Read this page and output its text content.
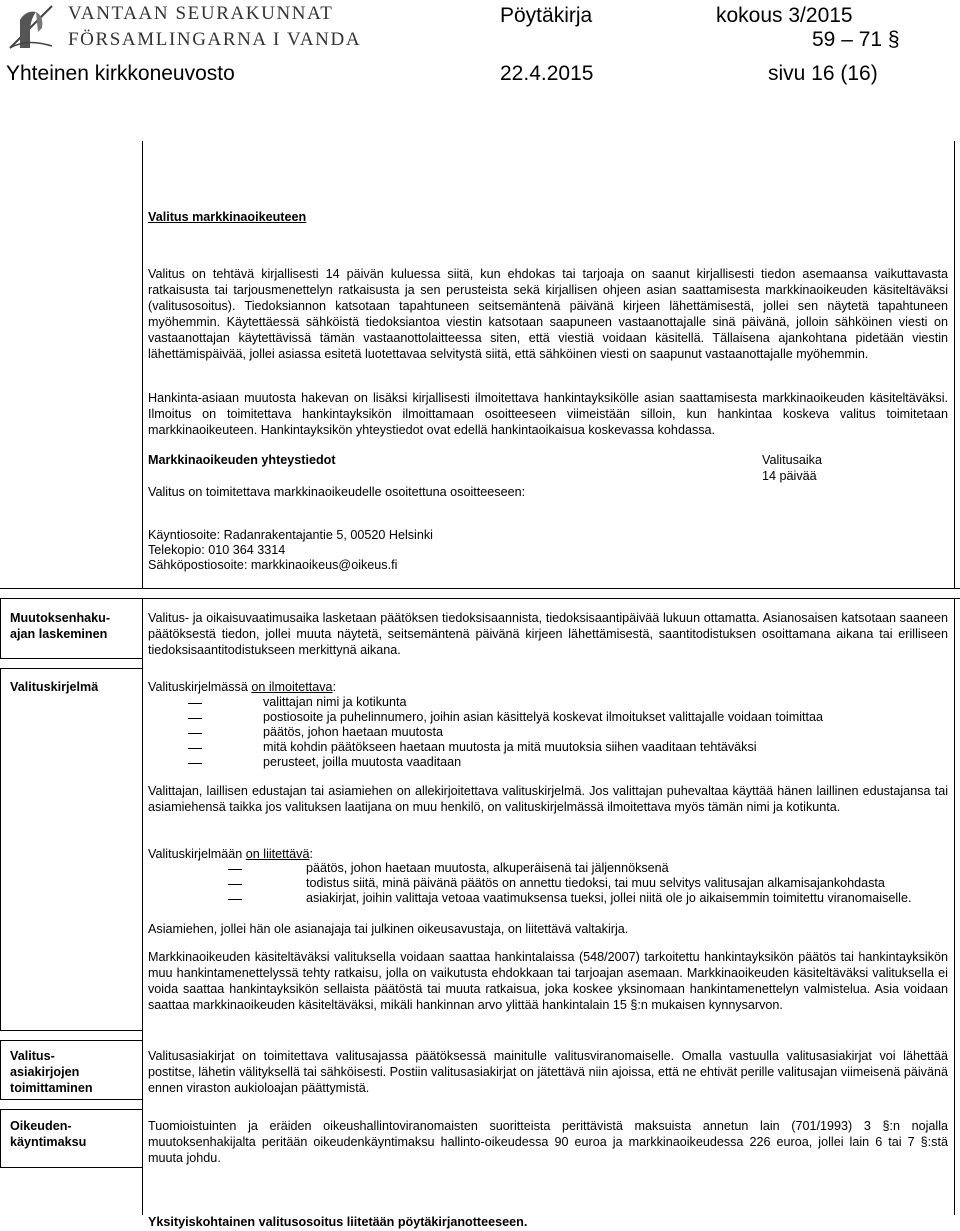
VANTAAN SEURAKUNNAT
FÖRSAMLINGARNA I VANDA
Pöytäkirja	kokous 3/2015
59 – 71 §
Yhteinen kirkkoneuvosto	22.4.2015	sivu 16 (16)
Valitus markkinaoikeuteen
Valitus on tehtävä kirjallisesti 14 päivän kuluessa siitä, kun ehdokas tai tarjoaja on saanut kirjallisesti tiedon asemaansa vaikuttavasta ratkaisusta tai tarjousmenettelyn ratkaisusta ja sen perusteista sekä kirjallisen ohjeen asian saattamisesta markkinaoikeuden käsiteltäväksi (valitusosoitus). Tiedoksiannon katsotaan tapahtuneen seitsemäntenä päivänä kirjeen lähettämisestä, jollei sen näytetä tapahtuneen myöhemmin. Käytettäessä sähköistä tiedoksiantoa viestin katsotaan saapuneen vastaanottajalle sinä päivänä, jolloin sähköinen viesti on vastaanottajan käytettävissä tämän vastaanottolaitteessa siten, että viestiä voidaan käsitellä. Tällaisena ajankohtana pidetään viestin lähettämispäivää, jollei asiassa esitetä luotettavaa selvitystä siitä, että sähköinen viesti on saapunut vastaanottajalle myöhemmin.
Hankinta-asiaan muutosta hakevan on lisäksi kirjallisesti ilmoitettava hankintayksikölle asian saattamisesta markkinaoikeuden käsiteltäväksi. Ilmoitus on toimitettava hankintayksikön ilmoittamaan osoitteeseen viimeistään silloin, kun hankintaa koskeva valitus toimitetaan markkinaoikeuteen. Hankintayksikön yhteystiedot ovat edellä hankintaoikaisua koskevassa kohdassa.
Markkinaoikeuden yhteystiedot	Valitusaika
14 päivää
Valitus on toimitettava markkinaoikeudelle osoitettuna osoitteeseen:
Käyntiosoite: Radanrakentajantie 5, 00520 Helsinki
Telekopio: 010 364 3314
Sähköpostiosoite: markkinaoikeus@oikeus.fi
Muutoksenhaku-
ajan laskeminen
Valitus- ja oikaisuvaatimusaika lasketaan päätöksen tiedoksisaannista, tiedoksisaantipäivää lukuun ottamatta. Asianosaisen katsotaan saaneen päätöksestä tiedon, jollei muuta näytetä, seitsemäntenä päivänä kirjeen lähettämisestä, saantitodistuksen osoittamana aikana tai erilliseen tiedoksisaantitodistukseen merkittynä aikana.
Valituskirjelmä	Valituskirjelmässä on ilmoitettava:
valittajan nimi ja kotikunta
postiosoite ja puhelinnumero, joihin asian käsittelyä koskevat ilmoitukset valittajalle voidaan toimittaa
päätös, johon haetaan muutosta
mitä kohdin päätökseen haetaan muutosta ja mitä muutoksia siihen vaaditaan tehtäväksi
perusteet, joilla muutosta vaaditaan
Valittajan, laillisen edustajan tai asiamiehen on allekirjoitettava valituskirjelmä. Jos valittajan puhevaltaa käyttää hänen laillinen edustajansa tai asiamiehensä taikka jos valituksen laatijana on muu henkilö, on valituskirjelmässä ilmoitettava myös tämän nimi ja kotikunta.
Valituskirjelmään on liitettävä:
päätös, johon haetaan muutosta, alkuperäisenä tai jäljennöksenä
todistus siitä, minä päivänä päätös on annettu tiedoksi, tai muu selvitys valitusajan alkamisajankohdasta
asiakirjat, joihin valittaja vetoaa vaatimuksensa tueksi, jollei niitä ole jo aikaisemmin toimitettu viranomaiselle.
Asiamiehen, jollei hän ole asianajaja tai julkinen oikeusavustaja, on liitettävä valtakirja.
Markkinaoikeuden käsiteltäväksi valituksella voidaan saattaa hankintalaissa (548/2007) tarkoitettu hankintayksikön päätös tai hankintayksikön muu hankintamenettelyssä tehty ratkaisu, jolla on vaikutusta ehdokkaan tai tarjoajan asemaan. Markkinaoikeuden käsiteltäväksi valituksella ei voida saattaa hankintayksikön sellaista päätöstä tai muuta ratkaisua, joka koskee yksinomaan hankintamenettelyn valmistelua. Asia voidaan saattaa markkinaoikeuden käsiteltäväksi, mikäli hankinnan arvo ylittää hankintalain 15 §:n mukaisen kynnysarvon.
Valitus-
asiakirjojen
toimittaminen
Valitusasiakirjat on toimitettava valitusajassa päätöksessä mainitulle valitusviranomaiselle. Omalla vastuulla valitusasiakirjat voi lähettää postitse, lähetin välityksellä tai sähköisesti. Postiin valitusasiakirjat on jätettävä niin ajoissa, että ne ehtivät perille valitusajan viimeisenä päivänä ennen viraston aukioloajan päättymistä.
Oikeuden-
käyntimaksu
Tuomioistuinten ja eräiden oikeushallintoviranomaisten suoritteista perittävistä maksuista annetun lain (701/1993) 3 §:n nojalla muutoksenhakijalta peritään oikeudenkäyntimaksu hallinto-oikeudessa 90 euroa ja markkinaoikeudessa 226 euroa, jollei lain 6 tai 7 §:stä muuta johdu.
Yksityiskohtainen valitusosoitus liitetään pöytäkirjanotteeseen.
